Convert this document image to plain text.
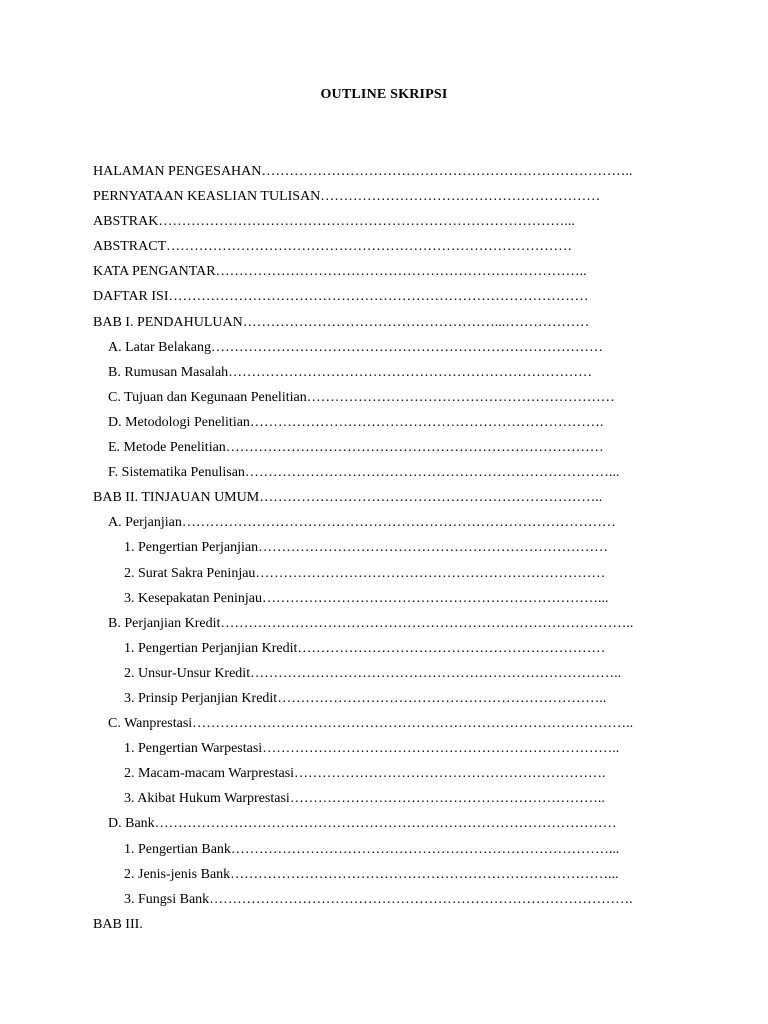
OUTLINE SKRIPSI
HALAMAN PENGESAHAN……………………………………………………………………..
PERNYATAAN KEASLIAN TULISAN……………………………………………………
ABSTRAK……………………………………………………………………………...
ABSTRACT……………………………………………………………………………
KATA PENGANTAR……………………………………………………………………..
DAFTAR ISI………………………………………………………………………………
BAB I. PENDAHULUAN………………………………………………...………………
A. Latar Belakang…………………………………………………………………………
B. Rumusan Masalah……………………………………………………………………
C. Tujuan dan Kegunaan Penelitian…………………………………………………………
D. Metodologi Penelitian………………………………………………………………….
E. Metode Penelitian………………………………………………………………………
F. Sistematika Penulisan……………………………………………………………………...
BAB II. TINJAUAN UMUM………………………………………………………………..
A. Perjanjian…………………………………………………………………………………
1. Pengertian Perjanjian…………………………………………………………………
2. Surat Sakra Peninjau…………………………………………………………………
3. Kesepakatan Peninjau………………………………………………………………...
B. Perjanjian Kredit……………………………………………………………………………..
1. Pengertian Perjanjian Kredit…………………………………………………………
2. Unsur-Unsur Kredit……………………………………………………………………..
3. Prinsip Perjanjian Kredit……………………………………………………………..
C. Wanprestasi…………………………………………………………………………………..
1. Pengertian Warpestasi…………………………………………………………………..
2. Macam-macam Warprestasi………………………………………………………….
3. Akibat Hukum Warprestasi…………………………………………………………..
D. Bank………………………………………………………………………………………
1. Pengertian Bank………………………………………………………………………...
2. Jenis-jenis Bank………………………………………………………………………...
3. Fungsi Bank……………………………………………………………………………….
BAB III.
